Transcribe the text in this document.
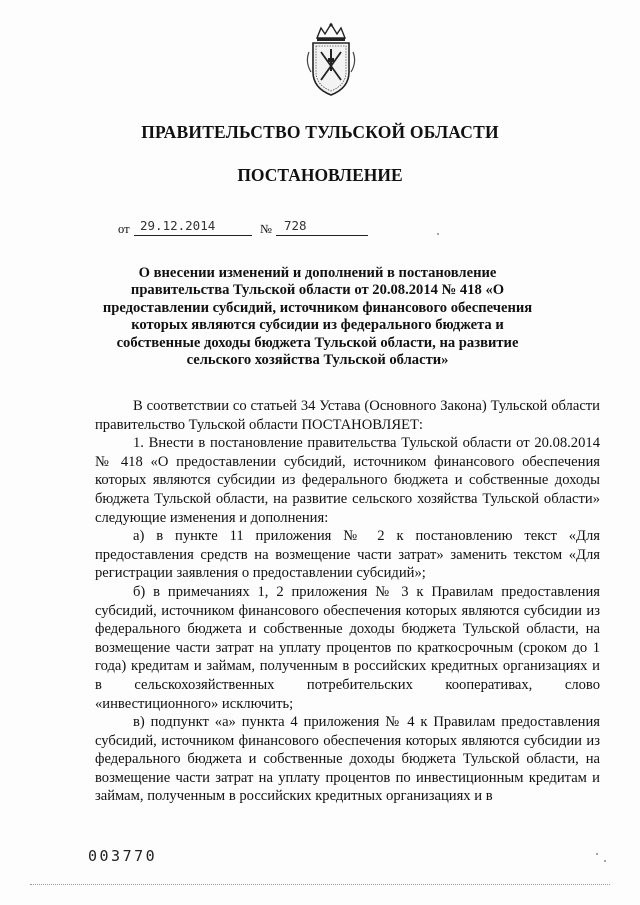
ПРАВИТЕЛЬСТВО ТУЛЬСКОЙ ОБЛАСТИ
ПОСТАНОВЛЕНИЕ
от 29.12.2014	№ 728
О внесении изменений и дополнений в постановление правительства Тульской области от 20.08.2014 № 418 «О предоставлении субсидий, источником финансового обеспечения которых являются субсидии из федерального бюджета и собственные доходы бюджета Тульской области, на развитие сельского хозяйства Тульской области»

В соответствии со статьей 34 Устава (Основного Закона) Тульской области правительство Тульской области ПОСТАНОВЛЯЕТ:

1. Внести в постановление правительства Тульской области от 20.08.2014 № 418 «О предоставлении субсидий, источником финансового обеспечения которых являются субсидии из федерального бюджета и собственные доходы бюджета Тульской области, на развитие сельского хозяйства Тульской области» следующие изменения и дополнения:

а) в пункте 11 приложения № 2 к постановлению текст «Для предоставления средств на возмещение части затрат» заменить текстом «Для регистрации заявления о предоставлении субсидий»;

б) в примечаниях 1, 2 приложения № 3 к Правилам предоставления субсидий, источником финансового обеспечения которых являются субсидии из федерального бюджета и собственные доходы бюджета Тульской области, на возмещение части затрат на уплату процентов по краткосрочным (сроком до 1 года) кредитам и займам, полученным в российских кредитных организациях и в сельскохозяйственных потребительских кооперативах, слово «инвестиционного» исключить;

в) подпункт «а» пункта 4 приложения № 4 к Правилам предоставления субсидий, источником финансового обеспечения которых являются субсидии из федерального бюджета и собственные доходы бюджета Тульской области, на возмещение части затрат на уплату процентов по инвестиционным кредитам и займам, полученным в российских кредитных организациях и в

003770
